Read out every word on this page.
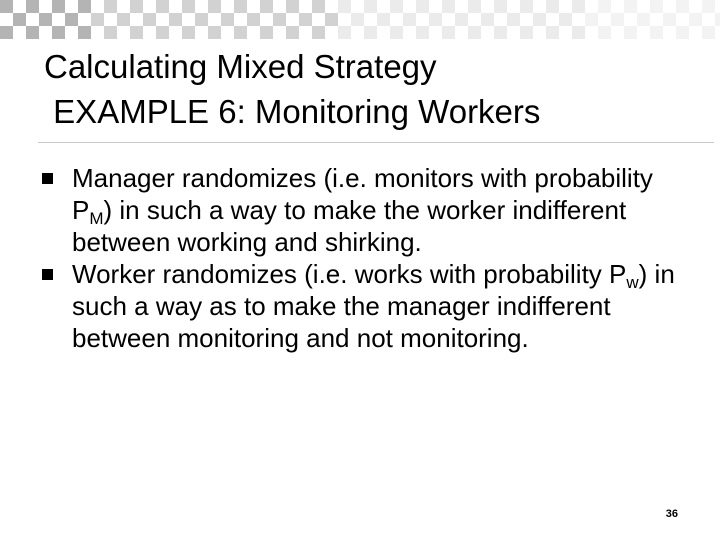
Calculating Mixed Strategy
EXAMPLE 6: Monitoring Workers
Manager randomizes (i.e. monitors with probability $P_M$) in such a way to make the worker indifferent between working and shirking.
Worker randomizes (i.e. works with probability $P_w$) in such a way as to make the manager indifferent between monitoring and not monitoring.
36
